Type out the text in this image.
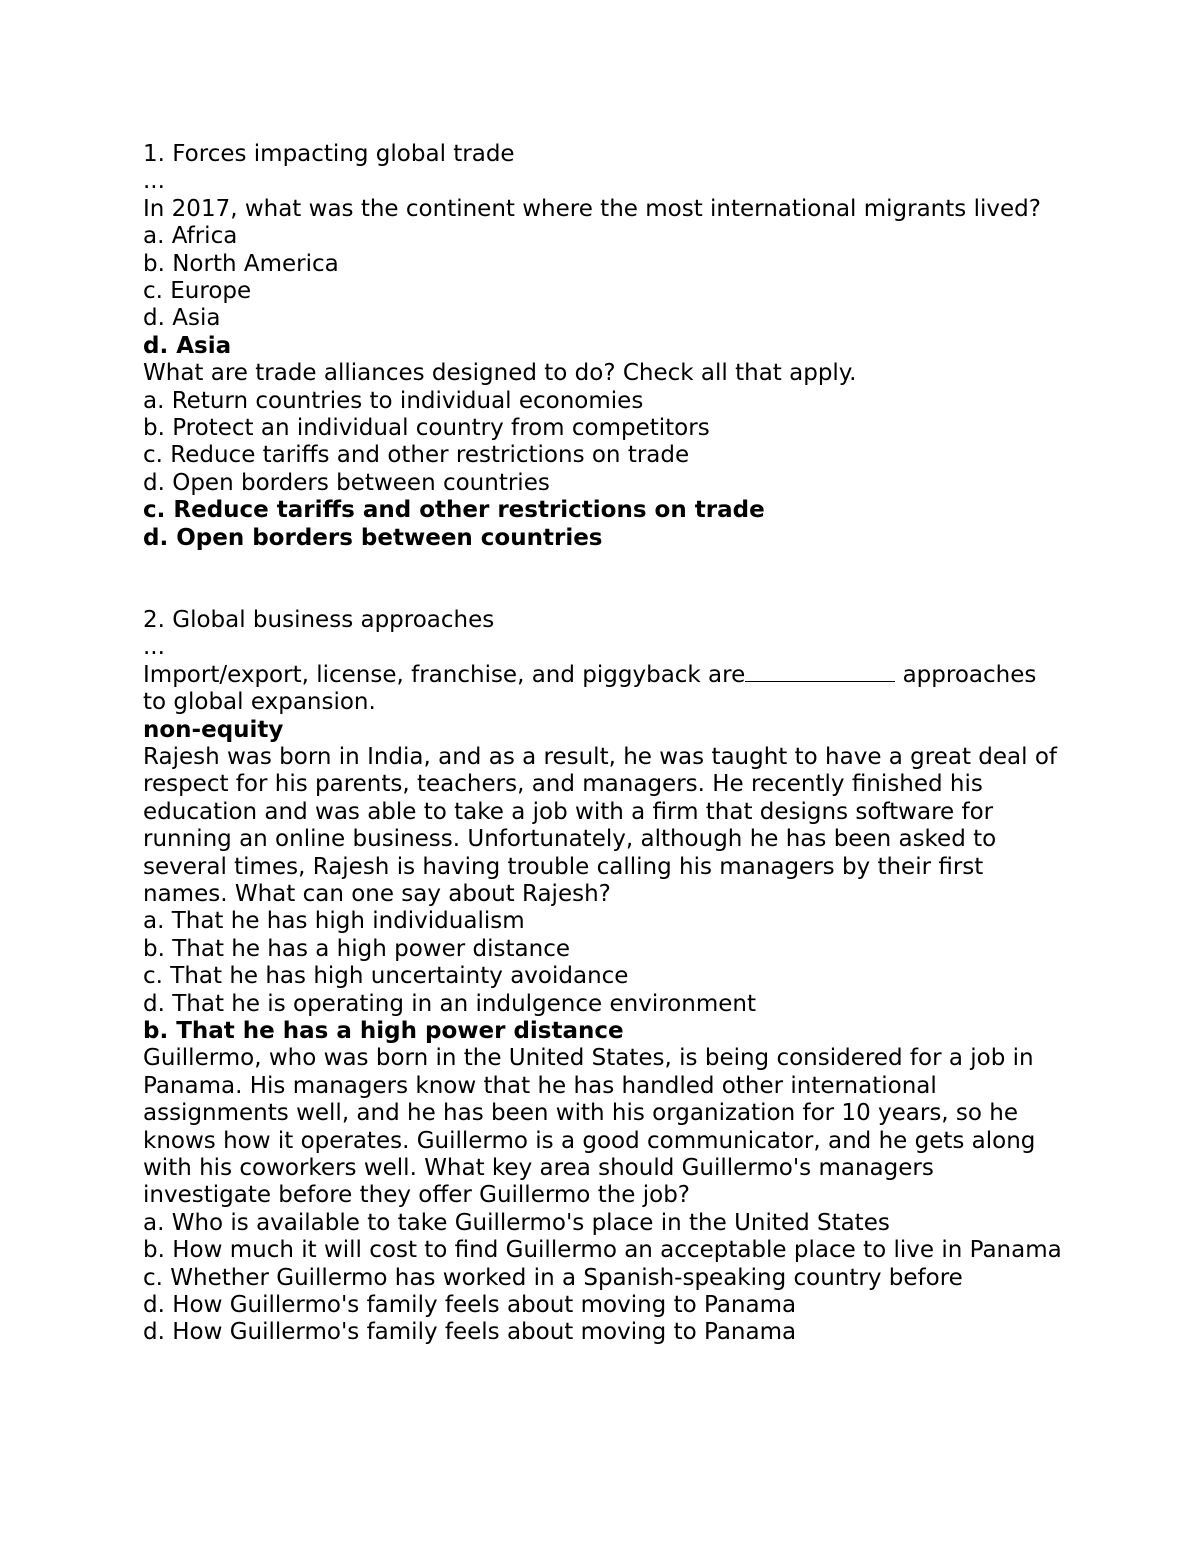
1. Forces impacting global trade
...
In 2017, what was the continent where the most international migrants lived?
a. Africa
b. North America
c. Europe
d. Asia
d. Asia
What are trade alliances designed to do? Check all that apply.
a. Return countries to individual economies
b. Protect an individual country from competitors
c. Reduce tariffs and other restrictions on trade
d. Open borders between countries
c. Reduce tariffs and other restrictions on trade
d. Open borders between countries
2. Global business approaches
...
Import/export, license, franchise, and piggyback are	approaches to global expansion.
non-equity
Rajesh was born in India, and as a result, he was taught to have a great deal of respect for his parents, teachers, and managers. He recently finished his education and was able to take a job with a firm that designs software for running an online business. Unfortunately, although he has been asked to several times, Rajesh is having trouble calling his managers by their first names. What can one say about Rajesh?
a. That he has high individualism
b. That he has a high power distance
c. That he has high uncertainty avoidance
d. That he is operating in an indulgence environment
b. That he has a high power distance
Guillermo, who was born in the United States, is being considered for a job in Panama. His managers know that he has handled other international assignments well, and he has been with his organization for 10 years, so he knows how it operates. Guillermo is a good communicator, and he gets along with his coworkers well. What key area should Guillermo's managers investigate before they offer Guillermo the job?
a. Who is available to take Guillermo's place in the United States
b. How much it will cost to find Guillermo an acceptable place to live in Panama
c. Whether Guillermo has worked in a Spanish-speaking country before
d. How Guillermo's family feels about moving to Panama
d. How Guillermo's family feels about moving to Panama
